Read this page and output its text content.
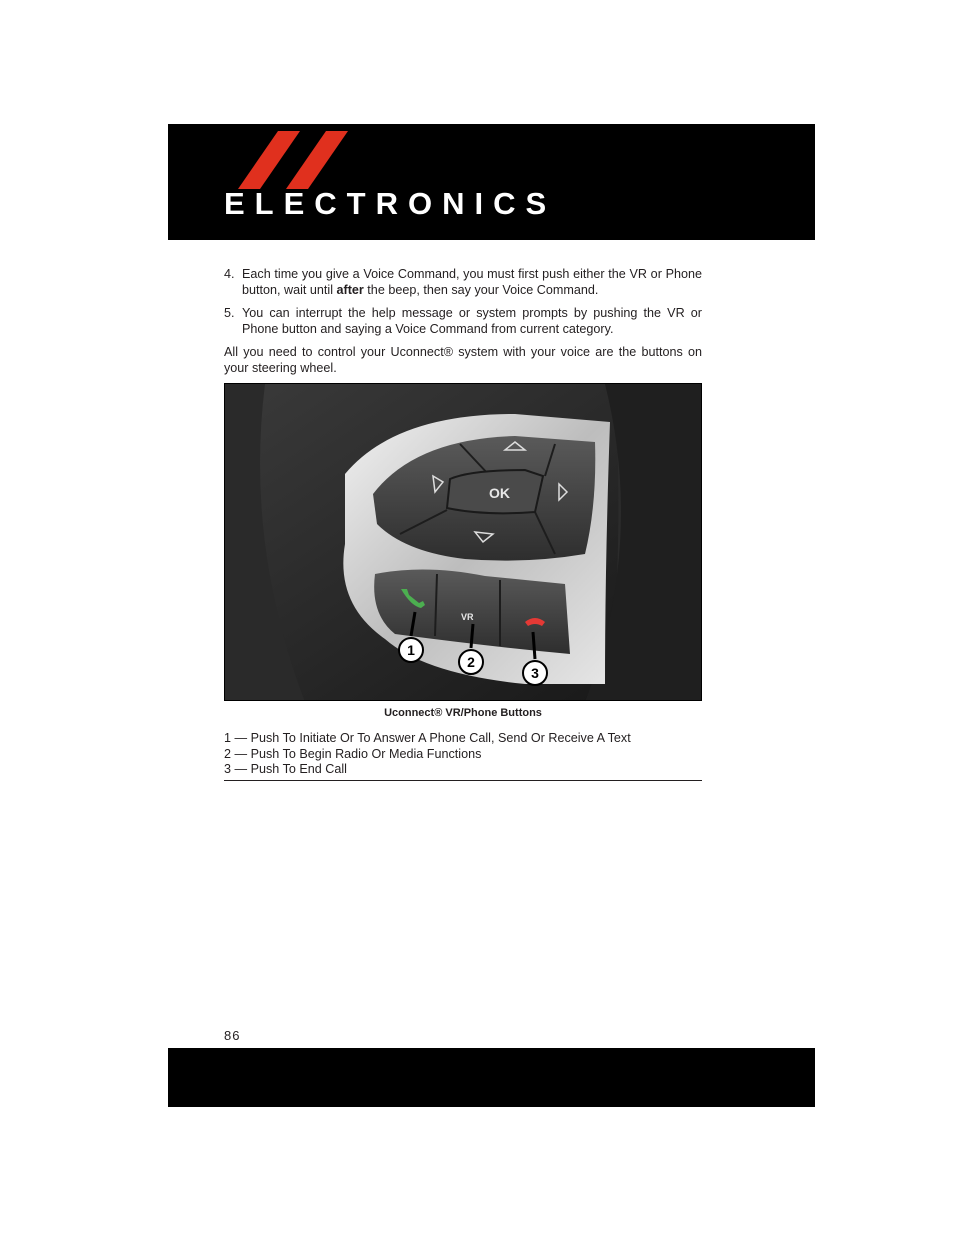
ELECTRONICS
4. Each time you give a Voice Command, you must first push either the VR or Phone button, wait until after the beep, then say your Voice Command.
5. You can interrupt the help message or system prompts by pushing the VR or Phone button and saying a Voice Command from current category.

All you need to control your Uconnect® system with your voice are the buttons on your steering wheel.

OK
VR
1
2
3
Uconnect® VR/Phone Buttons
1 — Push To Initiate Or To Answer A Phone Call, Send Or Receive A Text
2 — Push To Begin Radio Or Media Functions
3 — Push To End Call
86
